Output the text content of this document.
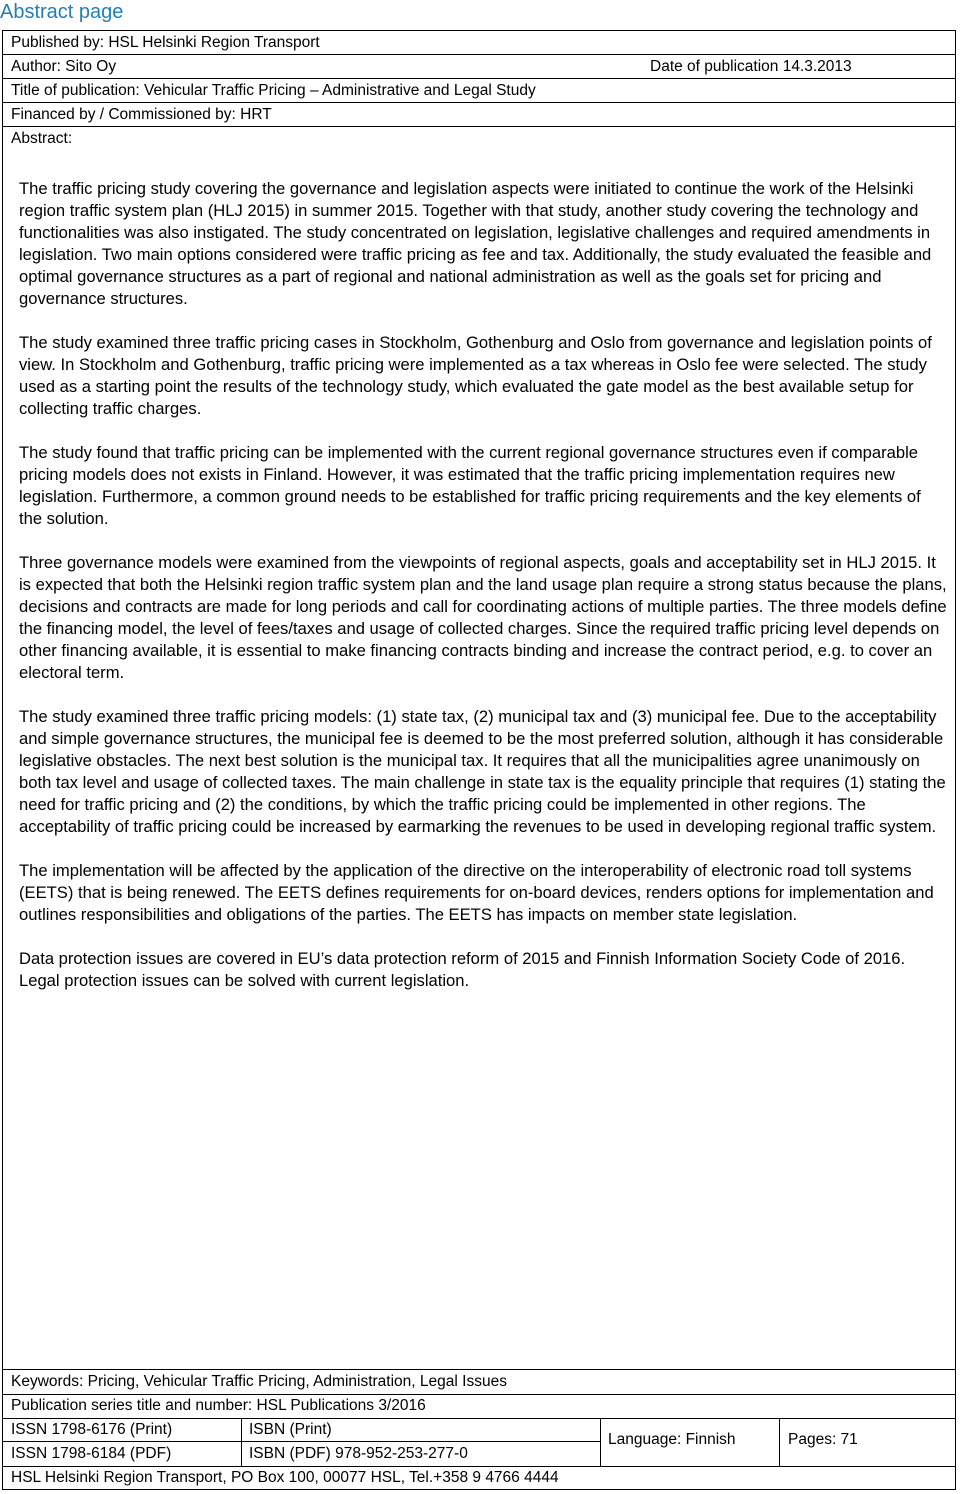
Abstract page
Published by: HSL Helsinki Region Transport
Author: Sito Oy	Date of publication 14.3.2013
Title of publication: Vehicular Traffic Pricing – Administrative and Legal Study
Financed by / Commissioned by: HRT
Abstract:

The traffic pricing study covering the governance and legislation aspects were initiated to continue the work of the Helsinki region traffic system plan (HLJ 2015) in summer 2015. Together with that study, another study covering the technology and functionalities was also instigated. The study concentrated on legislation, legislative challenges and required amendments in legislation. Two main options considered were traffic pricing as fee and tax. Additionally, the study evaluated the feasible and optimal governance structures as a part of regional and national administration as well as the goals set for pricing and governance structures.

The study examined three traffic pricing cases in Stockholm, Gothenburg and Oslo from governance and legislation points of view. In Stockholm and Gothenburg, traffic pricing were implemented as a tax whereas in Oslo fee were selected. The study used as a starting point the results of the technology study, which evaluated the gate model as the best available setup for collecting traffic charges.

The study found that traffic pricing can be implemented with the current regional governance structures even if comparable pricing models does not exists in Finland. However, it was estimated that the traffic pricing implementation requires new legislation. Furthermore, a common ground needs to be established for traffic pricing requirements and the key elements of the solution.

Three governance models were examined from the viewpoints of regional aspects, goals and acceptability set in HLJ 2015. It is expected that both the Helsinki region traffic system plan and the land usage plan require a strong status because the plans, decisions and contracts are made for long periods and call for coordinating actions of multiple parties. The three models define the financing model, the level of fees/taxes and usage of collected charges. Since the required traffic pricing level depends on other financing available, it is essential to make financing contracts binding and increase the contract period, e.g. to cover an electoral term.

The study examined three traffic pricing models: (1) state tax, (2) municipal tax and (3) municipal fee. Due to the acceptability and simple governance structures, the municipal fee is deemed to be the most preferred solution, although it has considerable legislative obstacles. The next best solution is the municipal tax. It requires that all the municipalities agree unanimously on both tax level and usage of collected taxes. The main challenge in state tax is the equality principle that requires (1) stating the need for traffic pricing and (2) the conditions, by which the traffic pricing could be implemented in other regions. The acceptability of traffic pricing could be increased by earmarking the revenues to be used in developing regional traffic system.

The implementation will be affected by the application of the directive on the interoperability of electronic road toll systems (EETS) that is being renewed. The EETS defines requirements for on-board devices, renders options for implementation and outlines responsibilities and obligations of the parties. The EETS has impacts on member state legislation.

Data protection issues are covered in EU’s data protection reform of 2015 and Finnish Information Society Code of 2016. Legal protection issues can be solved with current legislation.

Keywords: Pricing, Vehicular Traffic Pricing, Administration, Legal Issues
Publication series title and number: HSL Publications 3/2016
ISSN 1798-6176 (Print)	ISBN (Print)
ISSN 1798-6184 (PDF)	ISBN (PDF) 978-952-253-277-0
Language: Finnish	Pages: 71
HSL Helsinki Region Transport, PO Box 100, 00077 HSL, Tel.+358 9 4766 4444
